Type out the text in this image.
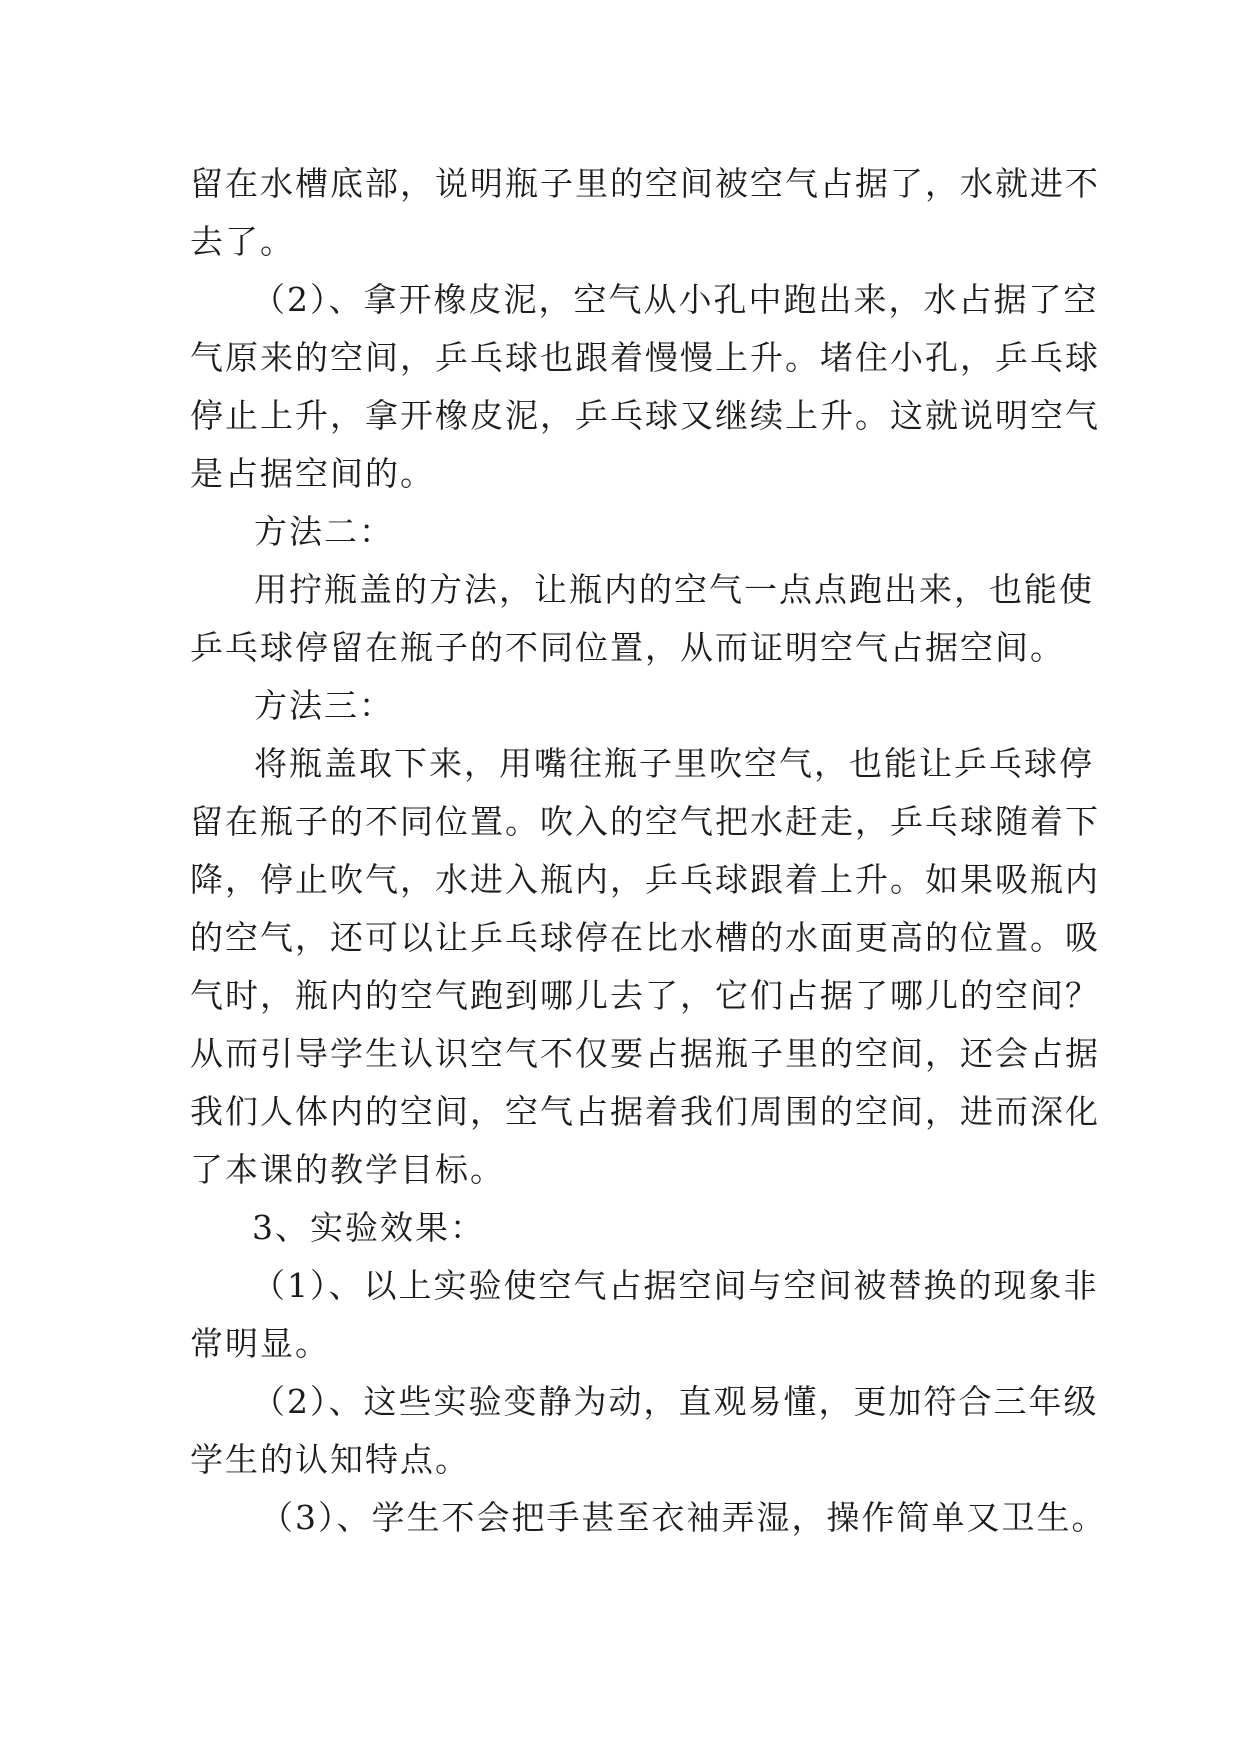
留在水槽底部，说明瓶子里的空间被空气占据了，水就进不
去了。
（2）、拿开橡皮泥，空气从小孔中跑出来，水占据了空
气原来的空间，乒乓球也跟着慢慢上升。堵住小孔，乒乓球
停止上升，拿开橡皮泥，乒乓球又继续上升。这就说明空气
是占据空间的。
方法二：
用拧瓶盖的方法，让瓶内的空气一点点跑出来，也能使
乒乓球停留在瓶子的不同位置，从而证明空气占据空间。
方法三：
将瓶盖取下来，用嘴往瓶子里吹空气，也能让乒乓球停
留在瓶子的不同位置。吹入的空气把水赶走，乒乓球随着下
降，停止吹气，水进入瓶内，乒乓球跟着上升。如果吸瓶内
的空气，还可以让乒乓球停在比水槽的水面更高的位置。吸
气时，瓶内的空气跑到哪儿去了，它们占据了哪儿的空间？
从而引导学生认识空气不仅要占据瓶子里的空间，还会占据
我们人体内的空间，空气占据着我们周围的空间，进而深化
了本课的教学目标。
3、实验效果：
（1）、以上实验使空气占据空间与空间被替换的现象非
常明显。
（2）、这些实验变静为动，直观易懂，更加符合三年级
学生的认知特点。
（3）、学生不会把手甚至衣袖弄湿，操作简单又卫生。
